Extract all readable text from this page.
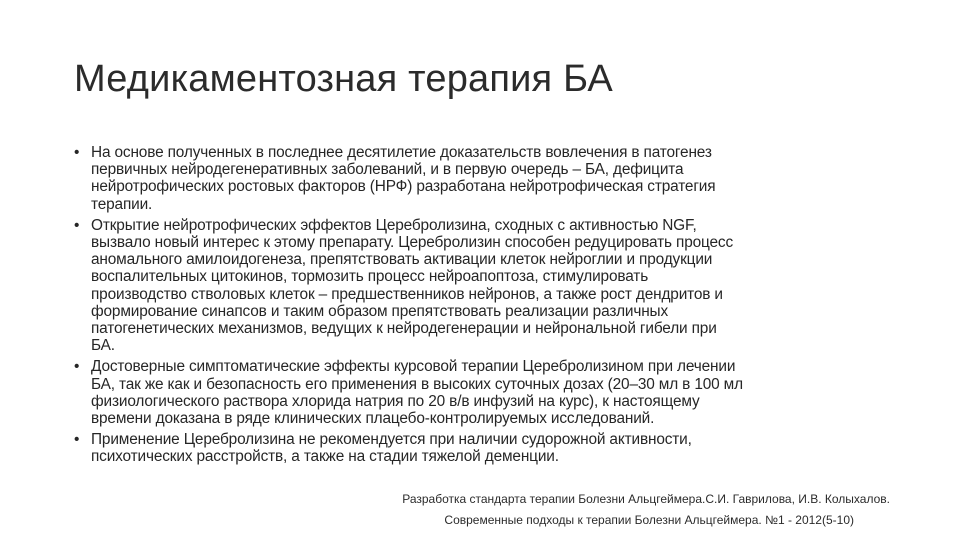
Медикаментозная терапия БА
• На основе полученных в последнее десятилетие доказательств вовлечения в патогенез
первичных нейродегенеративных заболеваний, и в первую очередь – БА, дефицита
нейротрофических ростовых факторов (НРФ) разработана нейротрофическая стратегия
терапии.
• Открытие нейротрофических эффектов Церебролизина, сходных с активностью NGF,
вызвало новый интерес к этому препарату. Церебролизин способен редуцировать процесс
аномального амилоидогенеза, препятствовать активации клеток нейроглии и продукции
воспалительных цитокинов, тормозить процесс нейроапоптоза, стимулировать
производство стволовых клеток – предшественников нейронов, а также рост дендритов и
формирование синапсов и таким образом препятствовать реализации различных
патогенетических механизмов, ведущих к нейродегенерации и нейрональной гибели при
БА.
• Достоверные симптоматические эффекты курсовой терапии Церебролизином при лечении
БА, так же как и безопасность его применения в высоких суточных дозах (20–30 мл в 100 мл
физиологического раствора хлорида натрия по 20 в/в инфузий на курс), к настоящему
времени доказана в ряде клинических плацебо-контролируемых исследований.
• Применение Церебролизина не рекомендуется при наличии судорожной активности,
психотических расстройств, а также на стадии тяжелой деменции.
Разработка стандарта терапии Болезни Альцгеймера.С.И. Гаврилова, И.В. Колыхалов.
Современные подходы к терапии Болезни Альцгеймера. №1 - 2012(5-10)
